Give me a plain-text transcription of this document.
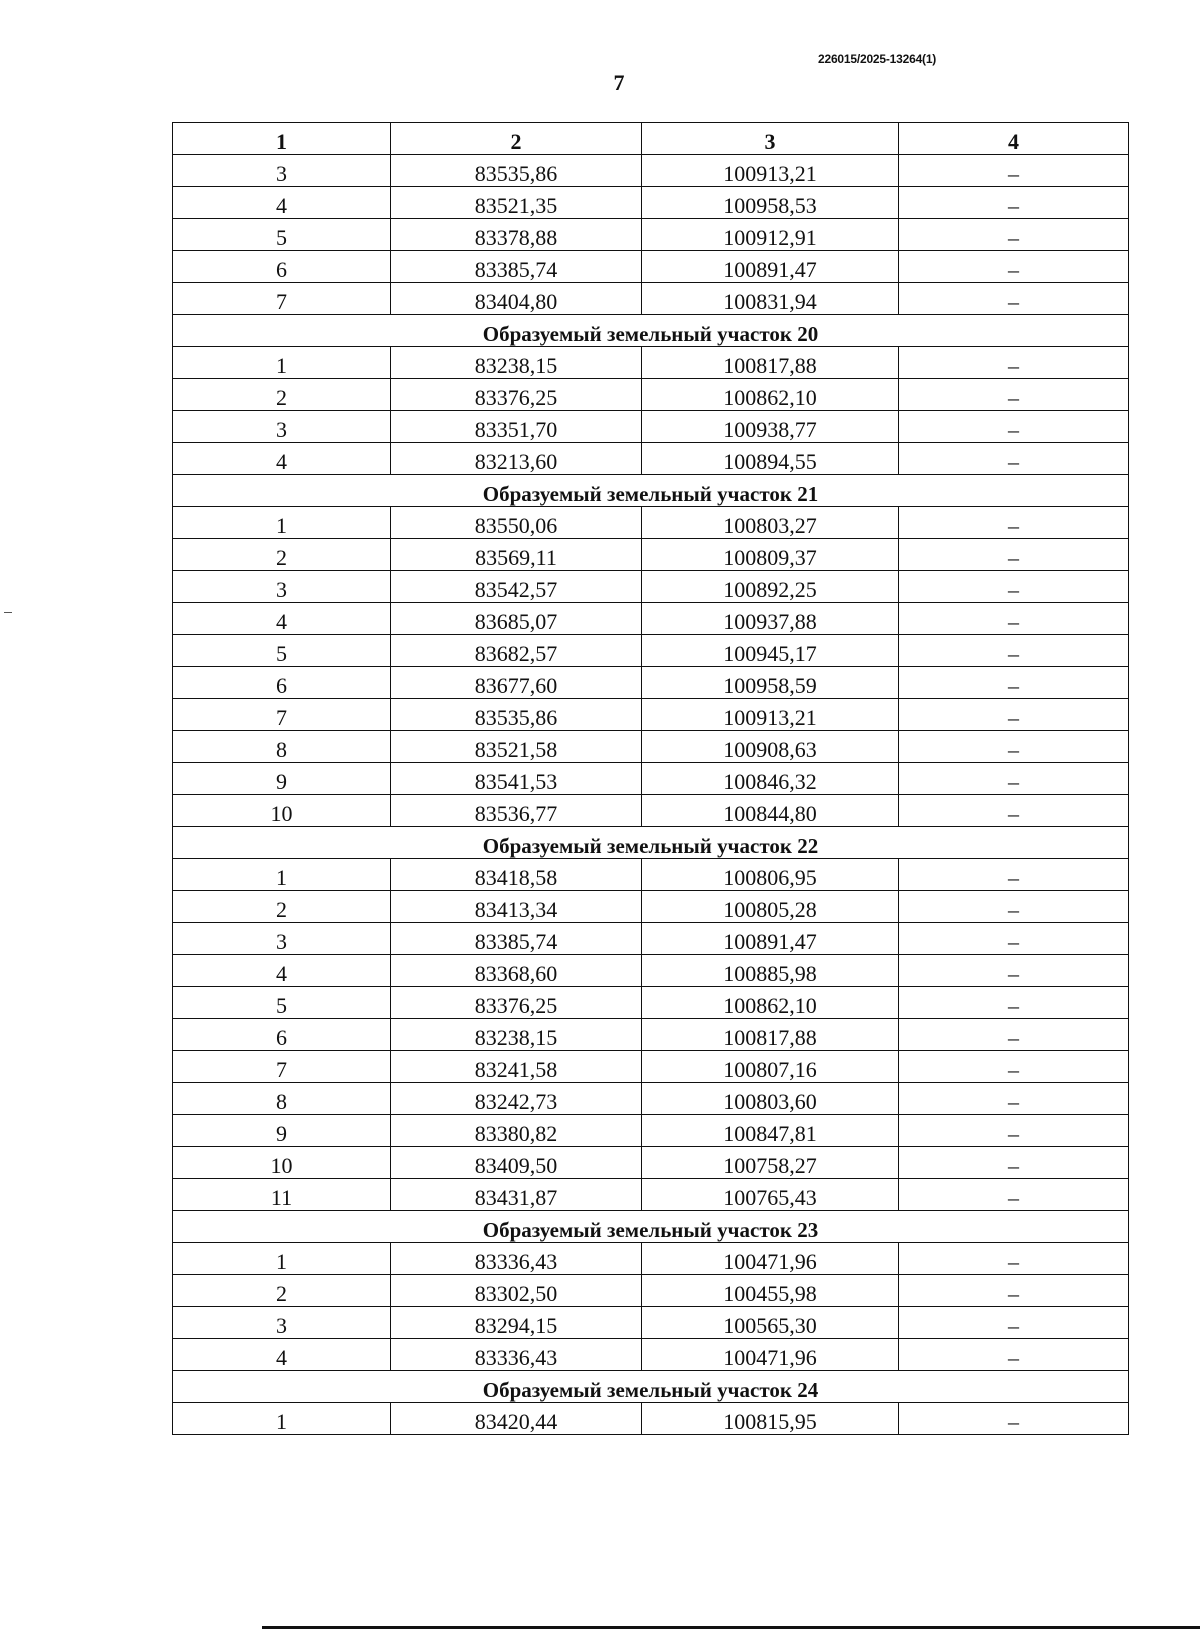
226015/2025-13264(1)
7
1	2	3	4
3	83535,86	100913,21	–
4	83521,35	100958,53	–
5	83378,88	100912,91	–
6	83385,74	100891,47	–
7	83404,80	100831,94	–
Образуемый земельный участок 20			
1	83238,15	100817,88	–
2	83376,25	100862,10	–
3	83351,70	100938,77	–
4	83213,60	100894,55	–
Образуемый земельный участок 21			
1	83550,06	100803,27	–
2	83569,11	100809,37	–
3	83542,57	100892,25	–
4	83685,07	100937,88	–
5	83682,57	100945,17	–
6	83677,60	100958,59	–
7	83535,86	100913,21	–
8	83521,58	100908,63	–
9	83541,53	100846,32	–
10	83536,77	100844,80	–
Образуемый земельный участок 22			
1	83418,58	100806,95	–
2	83413,34	100805,28	–
3	83385,74	100891,47	–
4	83368,60	100885,98	–
5	83376,25	100862,10	–
6	83238,15	100817,88	–
7	83241,58	100807,16	–
8	83242,73	100803,60	–
9	83380,82	100847,81	–
10	83409,50	100758,27	–
11	83431,87	100765,43	–
Образуемый земельный участок 23			
1	83336,43	100471,96	–
2	83302,50	100455,98	–
3	83294,15	100565,30	–
4	83336,43	100471,96	–
Образуемый земельный участок 24			
1	83420,44	100815,95	–
